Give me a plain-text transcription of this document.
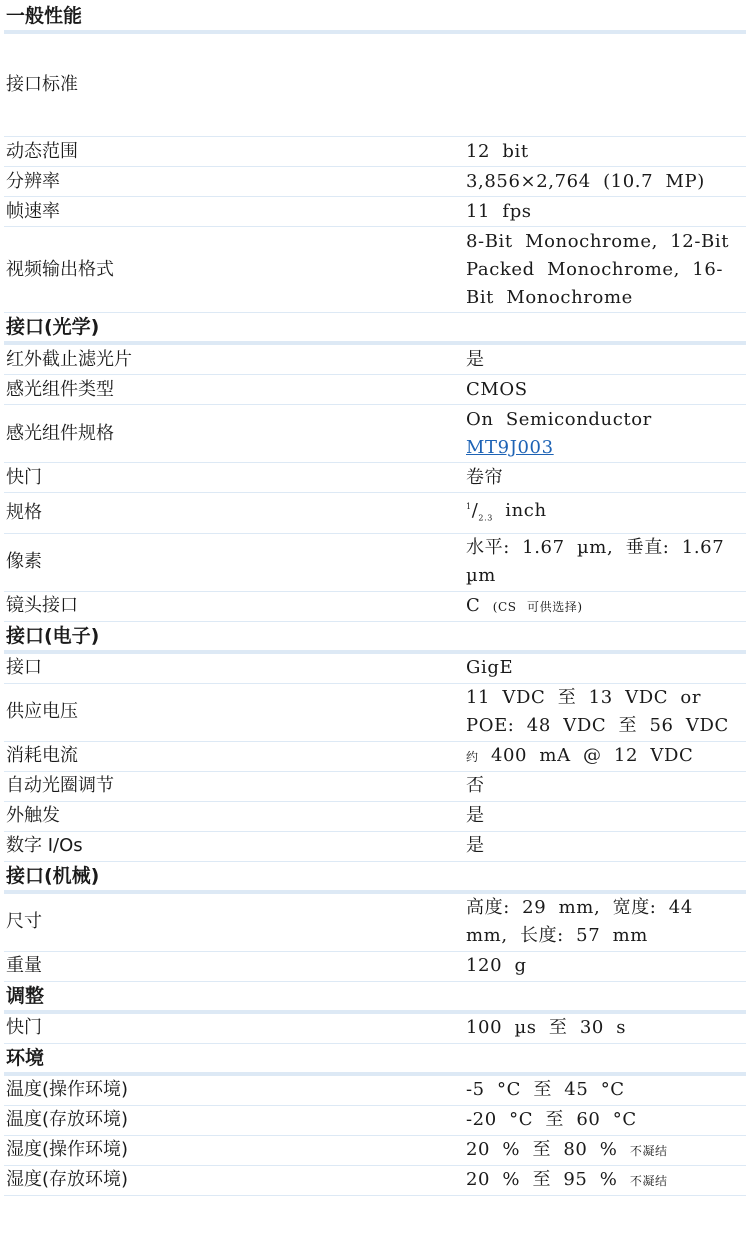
一般性能
接口标准	
动态范围	12 bit
分辨率	3,856×2,764 (10.7 MP)
帧速率	11 fps
视频输出格式	8-Bit Monochrome, 12-Bit Packed Monochrome, 16-Bit Monochrome
接口(光学)
红外截止滤光片	是
感光组件类型	CMOS
感光组件规格	On Semiconductor MT9J003
快门	卷帘
规格	$^1/_{2.3}$ inch
像素	水平: 1.67 µm, 垂直: 1.67 µm
镜头接口	C (CS 可供选择)
接口(电子)
接口	GigE
供应电压	11 VDC 至 13 VDC or POE: 48 VDC 至 56 VDC
消耗电流	约 400 mA @ 12 VDC
自动光圈调节	否
外触发	是
数字 I/Os	是
接口(机械)
尺寸	高度: 29 mm, 宽度: 44 mm, 长度: 57 mm
重量	120 g
调整
快门	100 µs 至 30 s
环境
温度(操作环境)	-5 °C 至 45 °C
温度(存放环境)	-20 °C 至 60 °C
湿度(操作环境)	20 % 至 80 % 不凝结
湿度(存放环境)	20 % 至 95 % 不凝结
